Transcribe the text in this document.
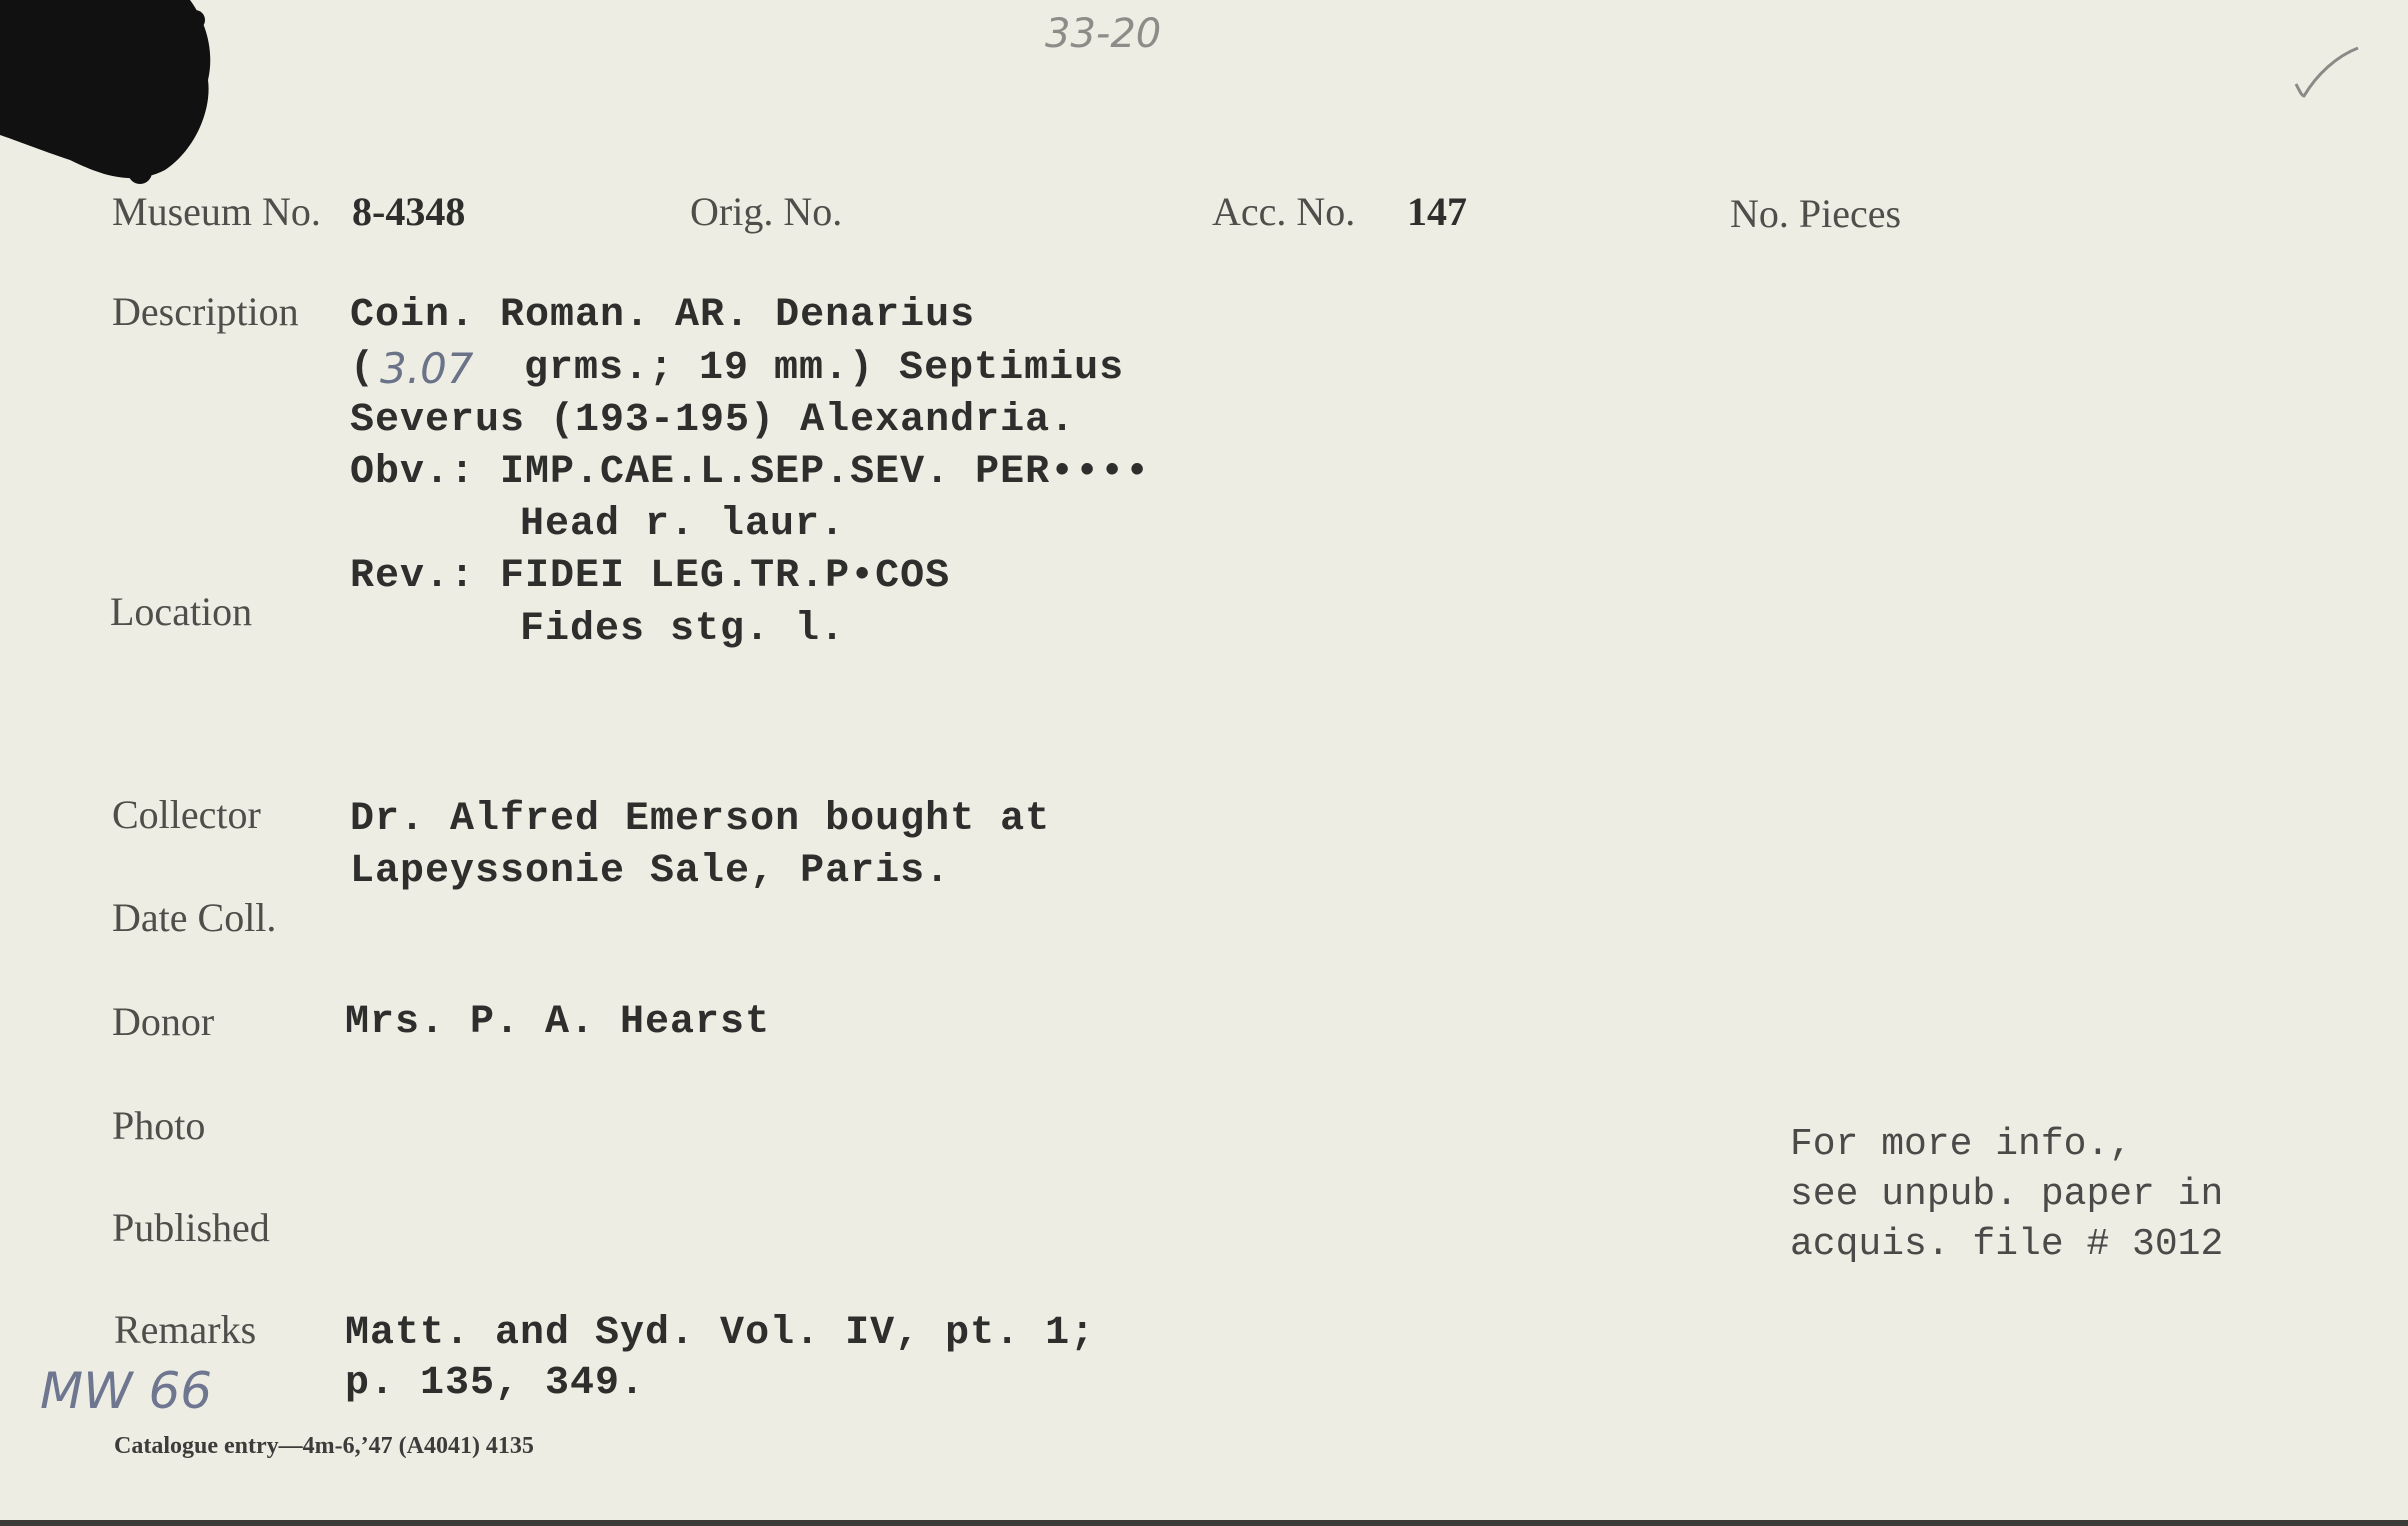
33-20
Museum No. 8-4348	Orig. No.	Acc. No. 147	No. Pieces
Description Coin. Roman. AR. Denarius
( 3.07 grms.; 19 mm.) Septimius
Severus (193-195) Alexandria.
Obv.: IMP.CAE.L.SEP.SEV. PER••••
Head r. laur.
Rev.: FIDEI LEG.TR.P•COS
Fides stg. l.
Location
Collector Dr. Alfred Emerson bought at
Lapeyssonie Sale, Paris.
Date Coll.
Donor	Mrs. P. A. Hearst
Photo
Published
Remarks Matt. and Syd. Vol. IV, pt. 1;
p. 135, 349.
For more info.,
see unpub. paper in
acquis. file # 3012
MW 66
Catalogue entry—4m-6,’47 (A4041) 4135
